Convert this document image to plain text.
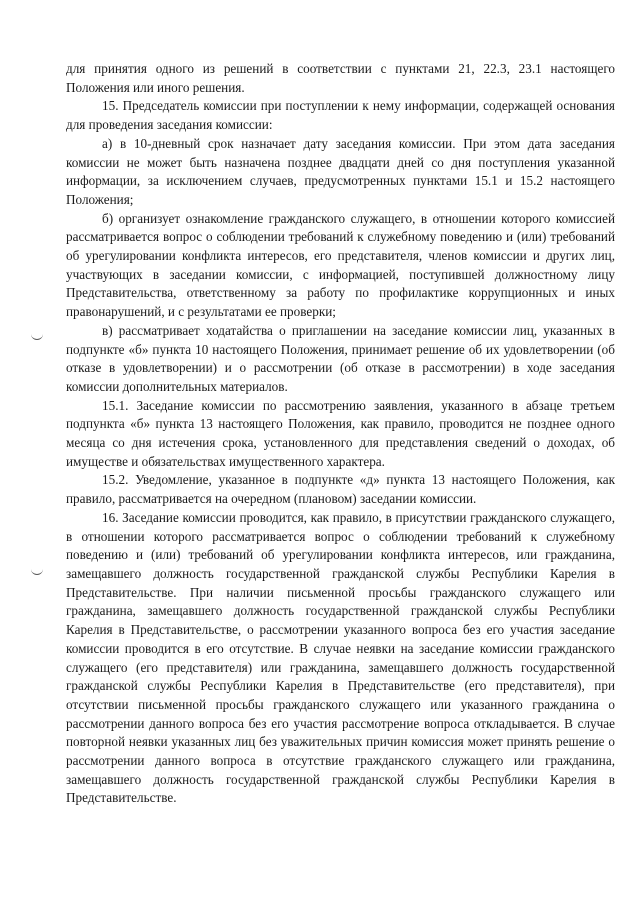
для принятия одного из решений в соответствии с пунктами 21, 22.3, 23.1 настоящего Положения или иного решения.

15. Председатель комиссии при поступлении к нему информации, содержащей основания для проведения заседания комиссии:

а) в 10-дневный срок назначает дату заседания комиссии. При этом дата заседания комиссии не может быть назначена позднее двадцати дней со дня поступления указанной информации, за исключением случаев, предусмотренных пунктами 15.1 и 15.2 настоящего Положения;

б) организует ознакомление гражданского служащего, в отношении которого комиссией рассматривается вопрос о соблюдении требований к служебному поведению и (или) требований об урегулировании конфликта интересов, его представителя, членов комиссии и других лиц, участвующих в заседании комиссии, с информацией, поступившей должностному лицу Представительства, ответственному за работу по профилактике коррупционных и иных правонарушений, и с результатами ее проверки;

в) рассматривает ходатайства о приглашении на заседание комиссии лиц, указанных в подпункте «б» пункта 10 настоящего Положения, принимает решение об их удовлетворении (об отказе в удовлетворении) и о рассмотрении (об отказе в рассмотрении) в ходе заседания комиссии дополнительных материалов.

15.1. Заседание комиссии по рассмотрению заявления, указанного в абзаце третьем подпункта «б» пункта 13 настоящего Положения, как правило, проводится не позднее одного месяца со дня истечения срока, установленного для представления сведений о доходах, об имуществе и обязательствах имущественного характера.

15.2. Уведомление, указанное в подпункте «д» пункта 13 настоящего Положения, как правило, рассматривается на очередном (плановом) заседании комиссии.

16. Заседание комиссии проводится, как правило, в присутствии гражданского служащего, в отношении которого рассматривается вопрос о соблюдении требований к служебному поведению и (или) требований об урегулировании конфликта интересов, или гражданина, замещавшего должность государственной гражданской службы Республики Карелия в Представительстве. При наличии письменной просьбы гражданского служащего или гражданина, замещавшего должность государственной гражданской службы Республики Карелия в Представительстве, о рассмотрении указанного вопроса без его участия заседание комиссии проводится в его отсутствие. В случае неявки на заседание комиссии гражданского служащего (его представителя) или гражданина, замещавшего должность государственной гражданской службы Республики Карелия в Представительстве (его представителя), при отсутствии письменной просьбы гражданского служащего или указанного гражданина о рассмотрении данного вопроса без его участия рассмотрение вопроса откладывается. В случае повторной неявки указанных лиц без уважительных причин комиссия может принять решение о рассмотрении данного вопроса в отсутствие гражданского служащего или гражданина, замещавшего должность государственной гражданской службы Республики Карелия в Представительстве.
